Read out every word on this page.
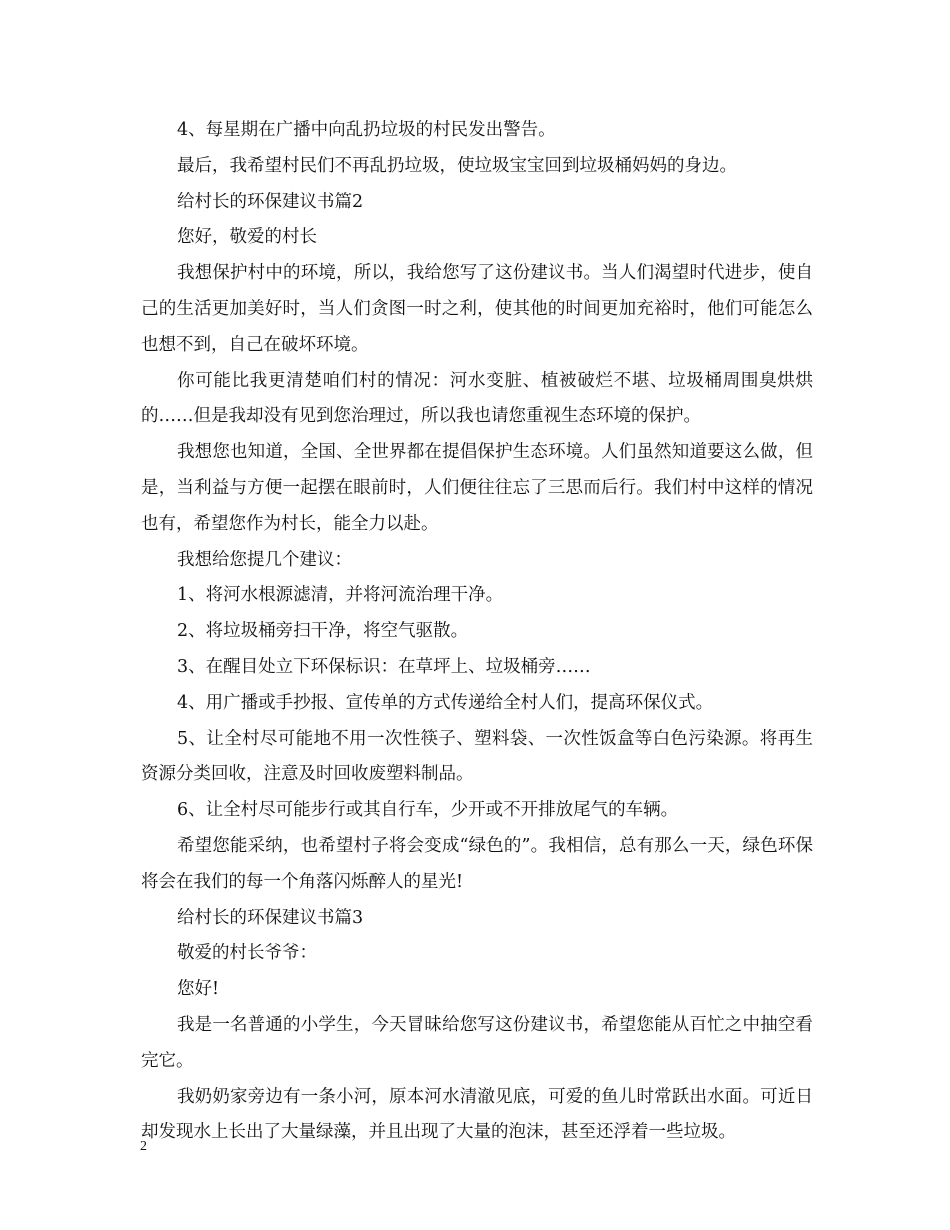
4、每星期在广播中向乱扔垃圾的村民发出警告。

最后，我希望村民们不再乱扔垃圾，使垃圾宝宝回到垃圾桶妈妈的身边。

给村长的环保建议书篇2

您好，敬爱的村长

我想保护村中的环境，所以，我给您写了这份建议书。当人们渴望时代进步，使自己的生活更加美好时，当人们贪图一时之利，使其他的时间更加充裕时，他们可能怎么也想不到，自己在破坏环境。

你可能比我更清楚咱们村的情况：河水变脏、植被破烂不堪、垃圾桶周围臭烘烘的……但是我却没有见到您治理过，所以我也请您重视生态环境的保护。

我想您也知道，全国、全世界都在提倡保护生态环境。人们虽然知道要这么做，但是，当利益与方便一起摆在眼前时，人们便往往忘了三思而后行。我们村中这样的情况也有，希望您作为村长，能全力以赴。

我想给您提几个建议：

1、将河水根源滤清，并将河流治理干净。

2、将垃圾桶旁扫干净，将空气驱散。

3、在醒目处立下环保标识：在草坪上、垃圾桶旁……

4、用广播或手抄报、宣传单的方式传递给全村人们，提高环保仪式。

5、让全村尽可能地不用一次性筷子、塑料袋、一次性饭盒等白色污染源。将再生资源分类回收，注意及时回收废塑料制品。

6、让全村尽可能步行或其自行车，少开或不开排放尾气的车辆。

希望您能采纳，也希望村子将会变成“绿色的”。我相信，总有那么一天，绿色环保将会在我们的每一个角落闪烁醉人的星光!

给村长的环保建议书篇3

敬爱的村长爷爷：

您好!

我是一名普通的小学生，今天冒昧给您写这份建议书，希望您能从百忙之中抽空看完它。

我奶奶家旁边有一条小河，原本河水清澈见底，可爱的鱼儿时常跃出水面。可近日却发现水上长出了大量绿藻，并且出现了大量的泡沫，甚至还浮着一些垃圾。

2
